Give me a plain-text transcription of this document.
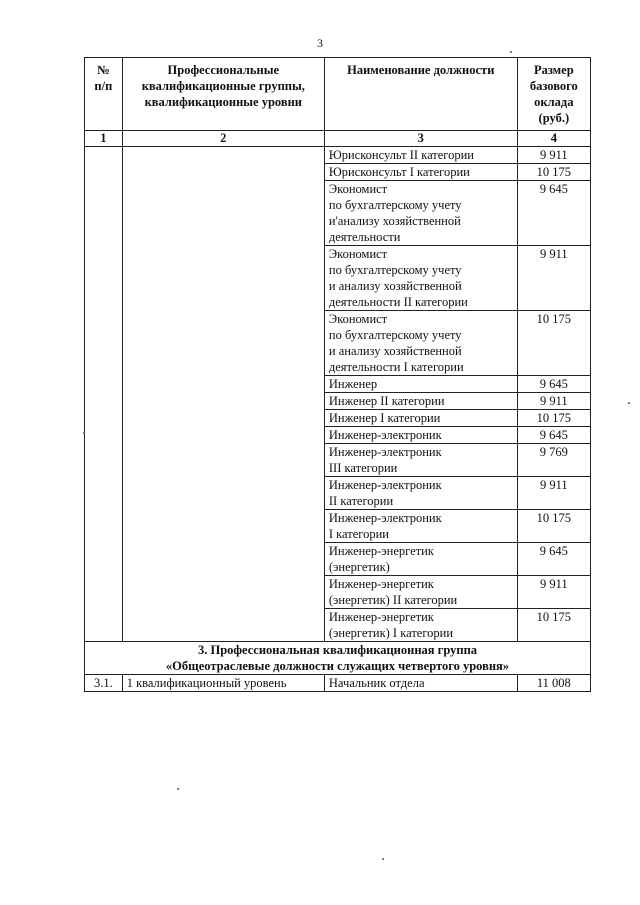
3
№
п/п	Профессиональные квалификационные группы, квалификационные уровни	Наименование должности	Размер базового оклада (руб.)
1	2	3	4
		Юрисконсульт II категории	9 911
		Юрисконсульт I категории	10 175
		Экономист
по бухгалтерскому учету
и'анализу хозяйственной
деятельности	9 645
		Экономист
по бухгалтерскому учету
и анализу хозяйственной
деятельности II категории	9 911
		Экономист
по бухгалтерскому учету
и анализу хозяйственной
деятельности I категории	10 175
		Инженер	9 645
		Инженер II категории	9 911
		Инженер I категории	10 175
		Инженер-электроник	9 645
		Инженер-электроник
III категории	9 769
		Инженер-электроник
II категории	9 911
		Инженер-электроник
I категории	10 175
		Инженер-энергетик
(энергетик)	9 645
		Инженер-энергетик
(энергетик) II категории	9 911
		Инженер-энергетик
(энергетик) I категории	10 175

3. Профессиональная квалификационная группа
«Общеотраслевые должности служащих четвертого уровня»			

3.1.	1 квалификационный уровень	Начальник отдела	11 008
